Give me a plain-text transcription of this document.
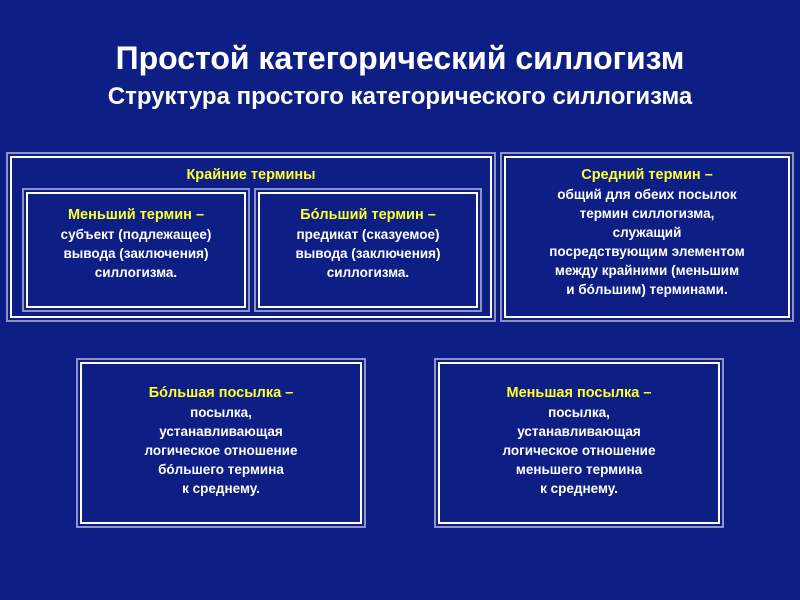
Простой категорический силлогизм
Структура простого категорического силлогизма
Крайние термины
Меньший термин –
субъект (подлежащее)
вывода (заключения)
силлогизма.
Бóльший термин –
предикат (сказуемое)
вывода (заключения)
силлогизма.
Средний термин –
общий для обеих посылок
термин силлогизма,
служащий
посредствующим элементом
между крайними (меньшим
и бóльшим) терминами.
Бóльшая посылка –
посылка,
устанавливающая
логическое отношение
бóльшего термина
к среднему.
Меньшая посылка –
посылка,
устанавливающая
логическое отношение
меньшего термина
к среднему.
